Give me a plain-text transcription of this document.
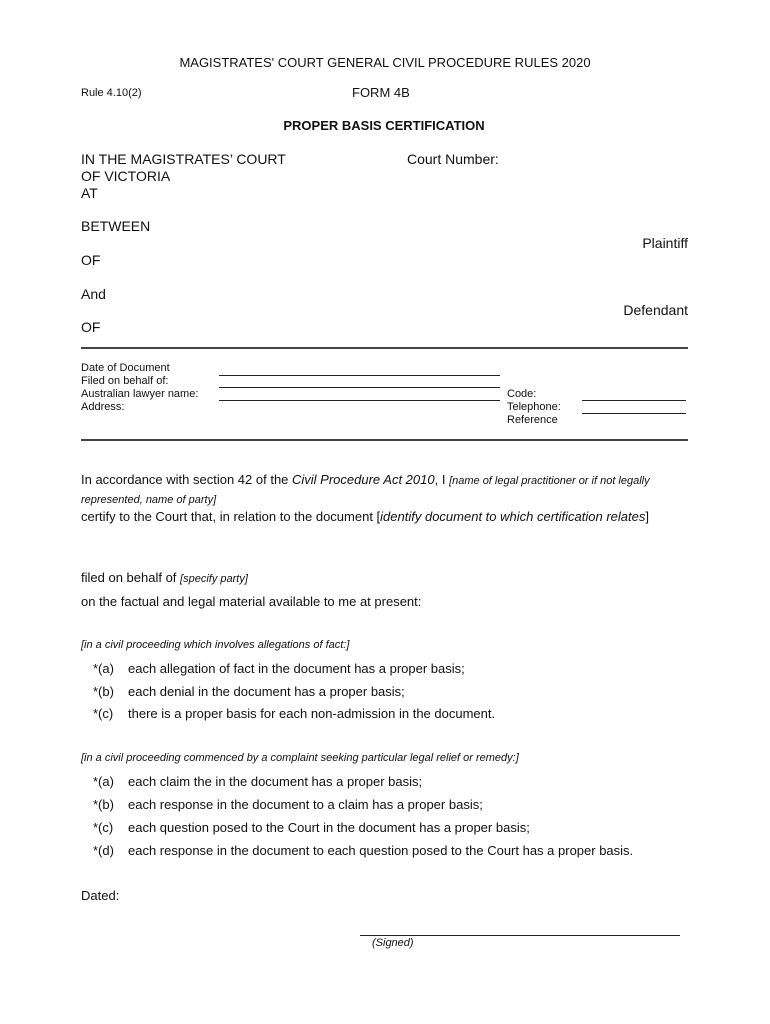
MAGISTRATES' COURT GENERAL CIVIL PROCEDURE RULES 2020
Rule 4.10(2)	FORM 4B
PROPER BASIS CERTIFICATION
IN THE MAGISTRATES’ COURT
OF VICTORIA
AT
Court Number:
BETWEEN
Plaintiff
OF
And
Defendant
OF
Date of Document
Filed on behalf of:
Australian lawyer name:
Address:
Code:
Telephone:
Reference
In accordance with section 42 of the Civil Procedure Act 2010, I [name of legal practitioner or if not legally represented, name of party]
certify to the Court that, in relation to the document [identify document to which certification relates]
filed on behalf of [specify party]
on the factual and legal material available to me at present:
[in a civil proceeding which involves allegations of fact:]
*(a) each allegation of fact in the document has a proper basis;
*(b) each denial in the document has a proper basis;
*(c) there is a proper basis for each non-admission in the document.
[in a civil proceeding commenced by a complaint seeking particular legal relief or remedy:]
*(a) each claim the in the document has a proper basis;
*(b) each response in the document to a claim has a proper basis;
*(c) each question posed to the Court in the document has a proper basis;
*(d) each response in the document to each question posed to the Court has a proper basis.
Dated:
(Signed)
